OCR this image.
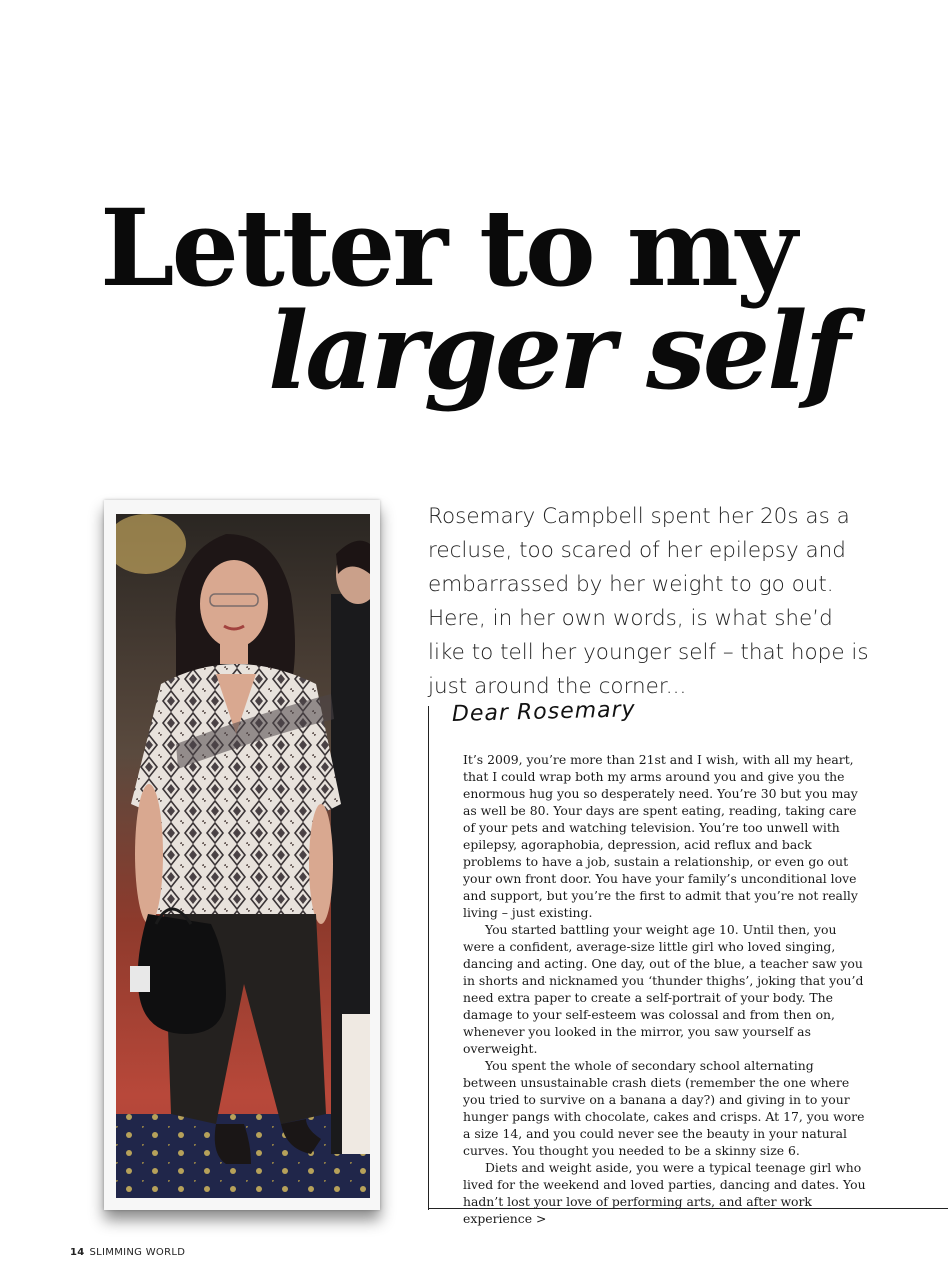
Letter to my
larger self
Rosemary Campbell spent her 20s as a recluse, too scared of her epilepsy and embarrassed by her weight to go out. Here, in her own words, is what she’d like to tell her younger self – that hope is just around the corner...
Dear Rosemary

It’s 2009, you’re more than 21st and I wish, with all my heart, that I could wrap both my arms around you and give you the enormous hug you so desperately need. You’re 30 but you may as well be 80. Your days are spent eating, reading, taking care of your pets and watching television. You’re too unwell with epilepsy, agoraphobia, depression, acid reflux and back problems to have a job, sustain a relationship, or even go out your own front door. You have your family’s unconditional love and support, but you’re the first to admit that you’re not really living – just existing.

You started battling your weight age 10. Until then, you were a confident, average-size little girl who loved singing, dancing and acting. One day, out of the blue, a teacher saw you in shorts and nicknamed you ‘thunder thighs’, joking that you’d need extra paper to create a self-portrait of your body. The damage to your self-esteem was colossal and from then on, whenever you looked in the mirror, you saw yourself as overweight.

You spent the whole of secondary school alternating between unsustainable crash diets (remember the one where you tried to survive on a banana a day?) and giving in to your hunger pangs with chocolate, cakes and crisps. At 17, you wore a size 14, and you could never see the beauty in your natural curves. You thought you needed to be a skinny size 6.

Diets and weight aside, you were a typical teenage girl who lived for the weekend and loved parties, dancing and dates. You hadn’t lost your love of performing arts, and after work experience >

14 SLIMMING WORLD
